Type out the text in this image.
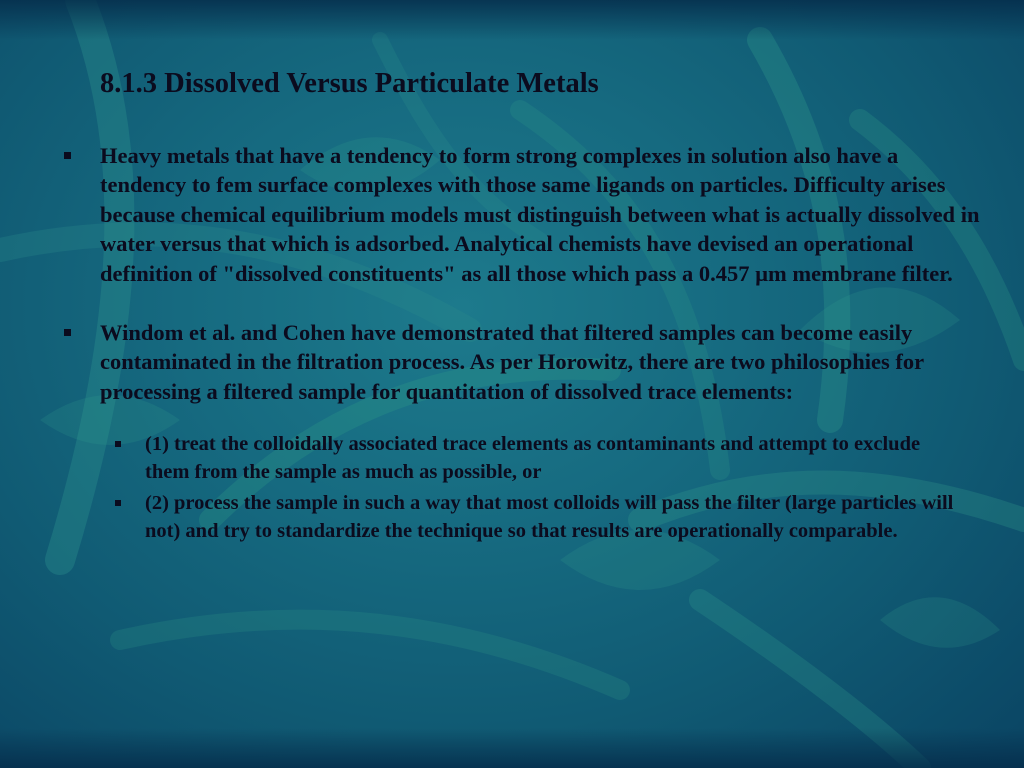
8.1.3 Dissolved Versus Particulate Metals
Heavy metals that have a tendency to form strong complexes in solution also have a tendency to fem surface complexes with those same ligands on particles. Difficulty arises because chemical equilibrium models must distinguish between what is actually dissolved in water versus that which is adsorbed. Analytical chemists have devised an operational definition of "dissolved constituents" as all those which pass a 0.457 µm membrane filter.
Windom et al. and Cohen have demonstrated that filtered samples can become easily contaminated in the filtration process. As per Horowitz, there are two philosophies for processing a filtered sample for quantitation of dissolved trace elements:
(1) treat the colloidally associated trace elements as contaminants and attempt to exclude them from the sample as much as possible, or
(2) process the sample in such a way that most colloids will pass the filter (large particles will not) and try to standardize the technique so that results are operationally comparable.
